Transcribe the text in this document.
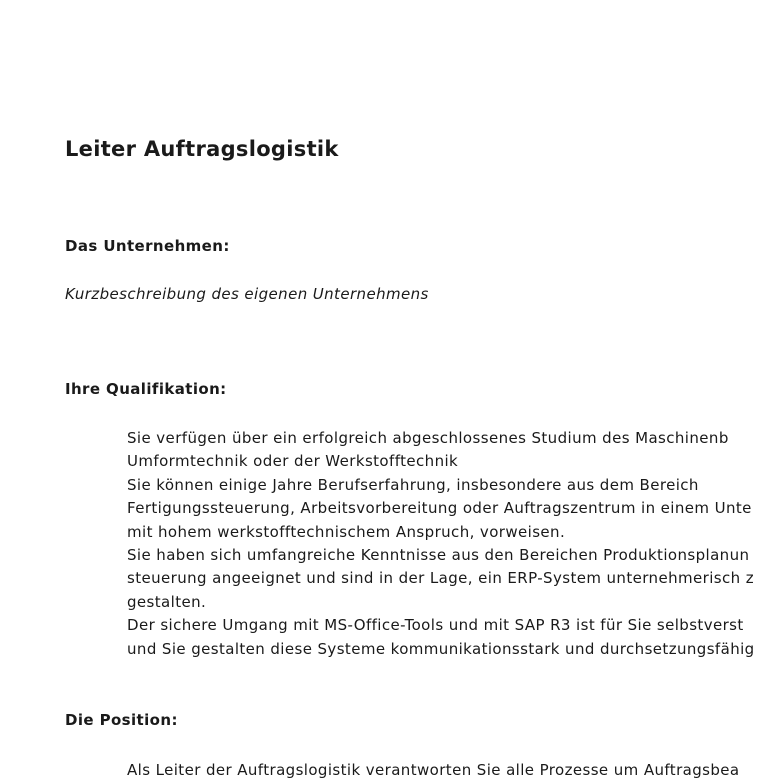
Leiter Auftragslogistik
Das Unternehmen:

Kurzbeschreibung des eigenen Unternehmens

Ihre Qualifikation:
Sie verfügen über ein erfolgreich abgeschlossenes Studium des Maschinenb
Umformtechnik oder der Werkstofftechnik
Sie können einige Jahre Berufserfahrung, insbesondere aus dem Bereich
Fertigungssteuerung, Arbeitsvorbereitung oder Auftragszentrum in einem Unte
mit hohem werkstofftechnischem Anspruch, vorweisen.
Sie haben sich umfangreiche Kenntnisse aus den Bereichen Produktionsplanun
steuerung angeeignet und sind in der Lage, ein ERP-System unternehmerisch z
gestalten.
Der sichere Umgang mit MS-Office-Tools und mit SAP R3 ist für Sie selbstverst
und Sie gestalten diese Systeme kommunikationsstark und durchsetzungsfähig
Die Position:
Als Leiter der Auftragslogistik verantworten Sie alle Prozesse um Auftragsbea
